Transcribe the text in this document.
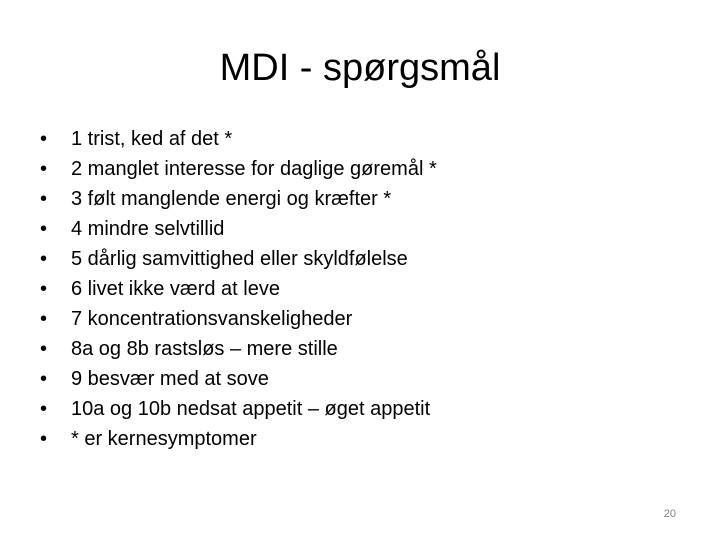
MDI - spørgsmål
•	1 trist, ked af det *
•	2 manglet interesse for daglige gøremål *
•	3 følt manglende energi og kræfter *
•	4 mindre selvtillid
•	5 dårlig samvittighed eller skyldfølelse
•	6 livet ikke værd at leve
•	7 koncentrationsvanskeligheder
•	8a og 8b rastsløs – mere stille
•	9 besvær med at sove
•	10a og 10b nedsat appetit – øget appetit
•	* er kernesymptomer
20
